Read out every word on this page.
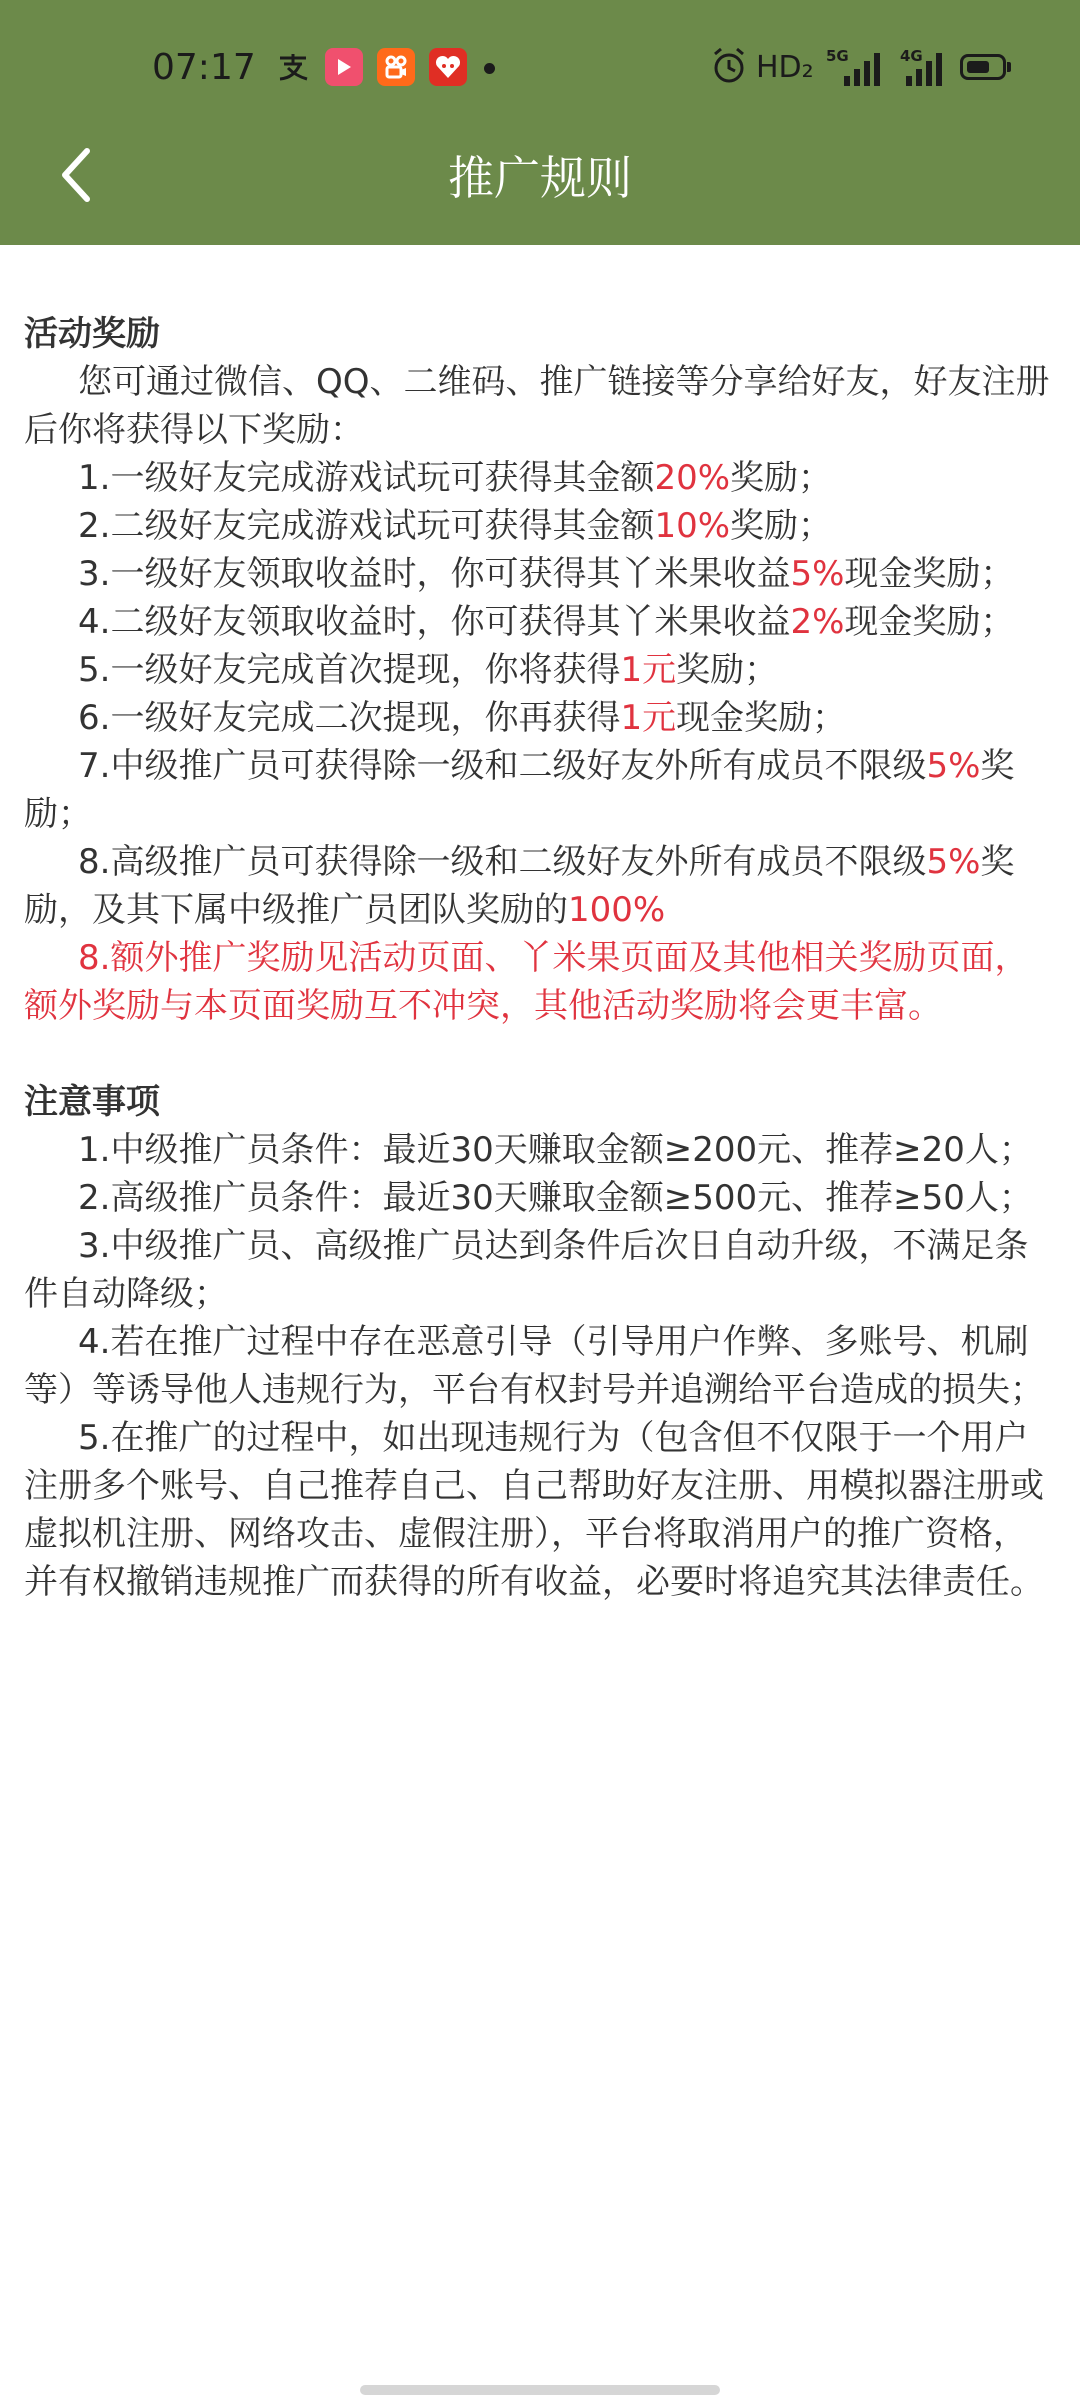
07:17	HD₂ 5G	4G
推广规则

活动奖励

您可通过微信、QQ、二维码、推广链接等分享给好友，好友注册后你将获得以下奖励：

1.一级好友完成游戏试玩可获得其金额20%奖励；

2.二级好友完成游戏试玩可获得其金额10%奖励；

3.一级好友领取收益时，你可获得其丫米果收益5%现金奖励；

4.二级好友领取收益时，你可获得其丫米果收益2%现金奖励；

5.一级好友完成首次提现，你将获得1元奖励；

6.一级好友完成二次提现，你再获得1元现金奖励；

7.中级推广员可获得除一级和二级好友外所有成员不限级5%奖励；

8.高级推广员可获得除一级和二级好友外所有成员不限级5%奖励，及其下属中级推广员团队奖励的100%

8.额外推广奖励见活动页面、丫米果页面及其他相关奖励页面，额外奖励与本页面奖励互不冲突，其他活动奖励将会更丰富。

注意事项

1.中级推广员条件：最近30天赚取金额≥200元、推荐≥20人；

2.高级推广员条件：最近30天赚取金额≥500元、推荐≥50人；

3.中级推广员、高级推广员达到条件后次日自动升级，不满足条件自动降级；

4.若在推广过程中存在恶意引导（引导用户作弊、多账号、机刷等）等诱导他人违规行为，平台有权封号并追溯给平台造成的损失；

5.在推广的过程中，如出现违规行为（包含但不仅限于一个用户注册多个账号、自己推荐自己、自己帮助好友注册、用模拟器注册或虚拟机注册、网络攻击、虚假注册），平台将取消用户的推广资格，并有权撤销违规推广而获得的所有收益，必要时将追究其法律责任。
